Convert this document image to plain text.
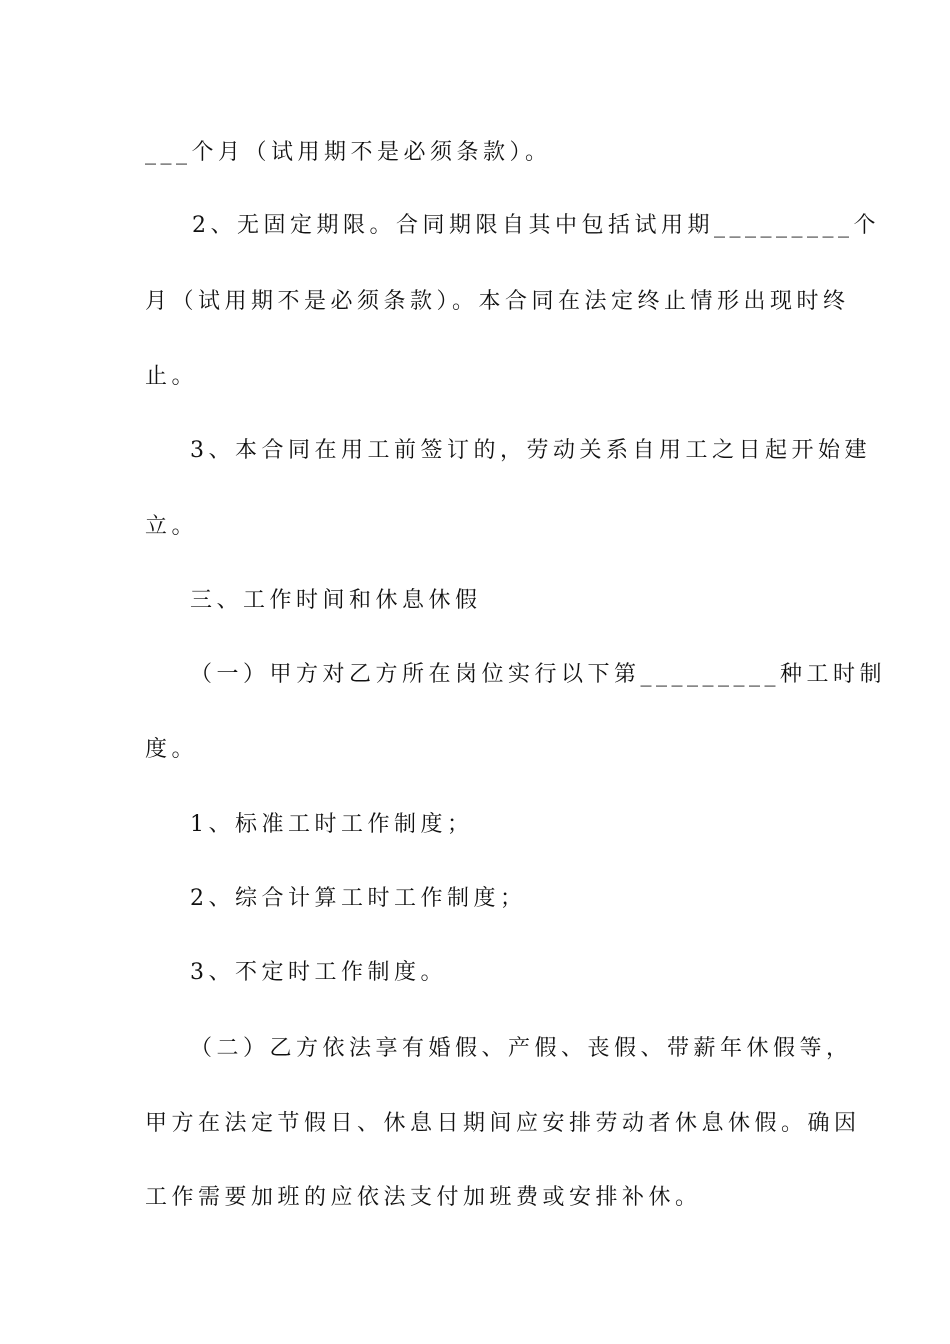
___个月（试用期不是必须条款）。
2、无固定期限。合同期限自其中包括试用期_________个
月（试用期不是必须条款）。本合同在法定终止情形出现时终
止。
3、本合同在用工前签订的，劳动关系自用工之日起开始建
立。
三、工作时间和休息休假
（一）甲方对乙方所在岗位实行以下第_________种工时制
度。
1、标准工时工作制度；
2、综合计算工时工作制度；
3、不定时工作制度。
（二）乙方依法享有婚假、产假、丧假、带薪年休假等，
甲方在法定节假日、休息日期间应安排劳动者休息休假。确因
工作需要加班的应依法支付加班费或安排补休。
